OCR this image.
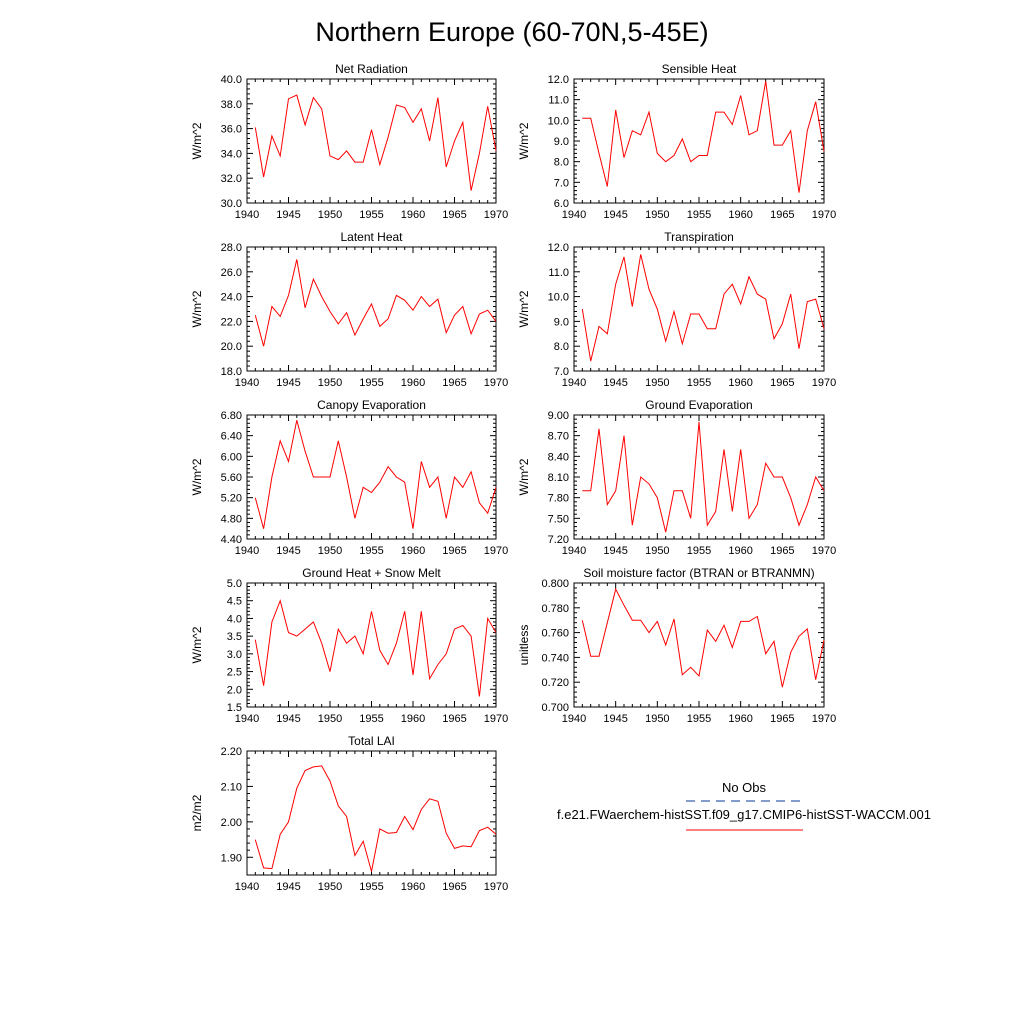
Northern Europe (60-70N,5-45E)
Net Radiation
W/m^2
1940 1945 1950 1955 1960 1965 1970
30.0
32.0
34.0
36.0
38.0
40.0
Sensible Heat
W/m^2
1940 1945 1950 1955 1960 1965 1970
6.0
7.0
8.0
9.0
10.0
11.0
12.0
Latent Heat
W/m^2
1940 1945 1950 1955 1960 1965 1970
18.0
20.0
22.0
24.0
26.0
28.0
Transpiration
W/m^2
1940 1945 1950 1955 1960 1965 1970
7.0
8.0
9.0
10.0
11.0
12.0
Canopy Evaporation
W/m^2
1940 1945 1950 1955 1960 1965 1970
4.40
4.80
5.20
5.60
6.00
6.40
6.80
Ground Evaporation
W/m^2
1940 1945 1950 1955 1960 1965 1970
7.20
7.50
7.80
8.10
8.40
8.70
9.00
Ground Heat + Snow Melt
W/m^2
1940 1945 1950 1955 1960 1965 1970
1.5
2.0
2.5
3.0
3.5
4.0
4.5
5.0
Soil moisture factor (BTRAN or BTRANMN)
unitless
1940 1945 1950 1955 1960 1965 1970
0.700
0.720
0.740
0.760
0.780
0.800
Total LAI
m2/m2
1940 1945 1950 1955 1960 1965 1970
1.90
2.00
2.10
2.20
No Obs
f.e21.FWaerchem-histSST.f09_g17.CMIP6-histSST-WACCM.001
